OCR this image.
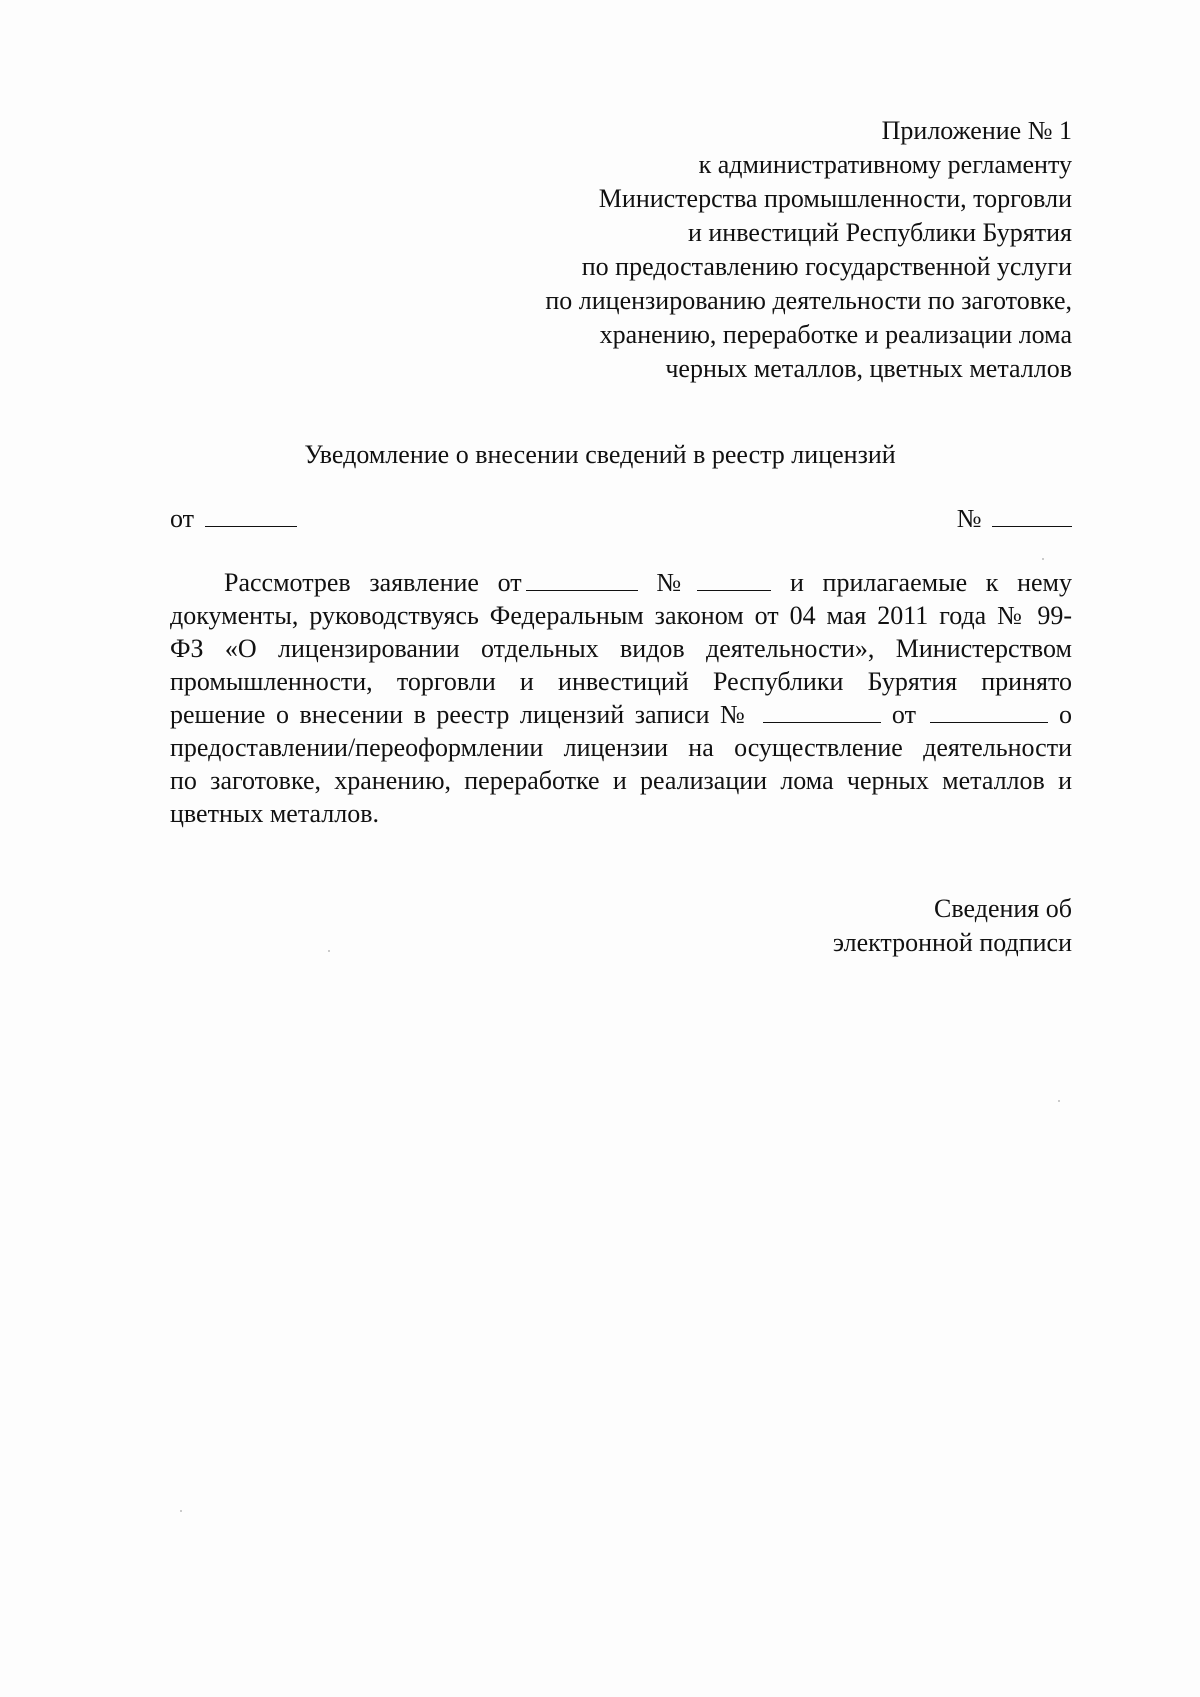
Приложение № 1
к административному регламенту
Министерства промышленности, торговли
и инвестиций Республики Бурятия
по предоставлению государственной услуги
по лицензированию деятельности по заготовке,
хранению, переработке и реализации лома
черных металлов, цветных металлов
Уведомление о внесении сведений в реестр лицензий
от	№
Рассмотрев заявление от	№	и прилагаемые к нему
документы, руководствуясь Федеральным законом от 04 мая 2011 года № 99-
ФЗ «О лицензировании отдельных видов деятельности», Министерством
промышленности, торговли и инвестиций Республики Бурятия принято
решение о внесении в реестр лицензий записи №	от	о
предоставлении/переоформлении лицензии на осуществление деятельности
по заготовке, хранению, переработке и реализации лома черных металлов и
цветных металлов.
Сведения об
электронной подписи
